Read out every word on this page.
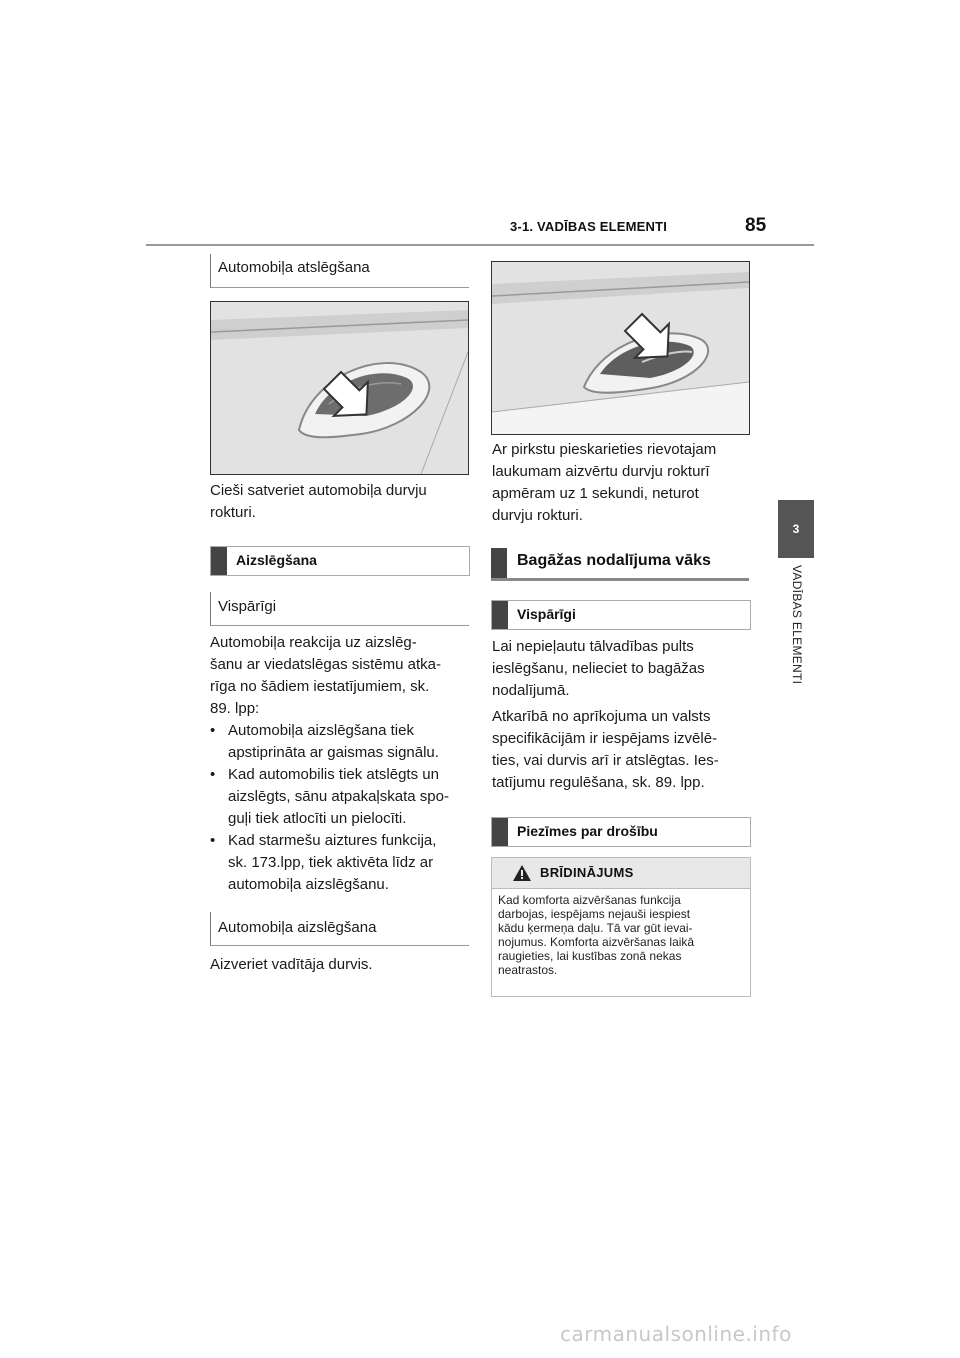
3-1. VADĪBAS ELEMENTI	85
3
VADĪBAS ELEMENTI
Automobiļa atslēgšana
Cieši satveriet automobiļa durvju
rokturi.
Aizslēgšana
Vispārīgi
Automobiļa reakcija uz aizslēg-
šanu ar viedatslēgas sistēmu atka-
rīga no šādiem iestatījumiem, sk.
89. lpp:
• Automobiļa aizslēgšana tiek
apstiprināta ar gaismas signālu.
• Kad automobilis tiek atslēgts un
aizslēgts, sānu atpakaļskata spo-
guļi tiek atlocīti un pielocīti.
• Kad starmešu aiztures funkcija,
sk. 173.lpp, tiek aktivēta līdz ar
automobiļa aizslēgšanu.
Automobiļa aizslēgšana
Aizveriet vadītāja durvis.
Ar pirkstu pieskarieties rievotajam
laukumam aizvērtu durvju rokturī
apmēram uz 1 sekundi, neturot
durvju rokturi.
Bagāžas nodalījuma vāks
Vispārīgi
Lai nepieļautu tālvadības pults
ieslēgšanu, nelieciet to bagāžas
nodalījumā.
Atkarībā no aprīkojuma un valsts
specifikācijām ir iespējams izvēlē-
ties, vai durvis arī ir atslēgtas. Ies-
tatījumu regulēšana, sk. 89. lpp.
Piezīmes par drošību
BRĪDINĀJUMS
Kad komforta aizvēršanas funkcija
darbojas, iespējams nejauši iespiest
kādu ķermeņa daļu. Tā var gūt ievai-
nojumus. Komforta aizvēršanas laikā
raugieties, lai kustības zonā nekas
neatrastos.
carmanualsonline.info
